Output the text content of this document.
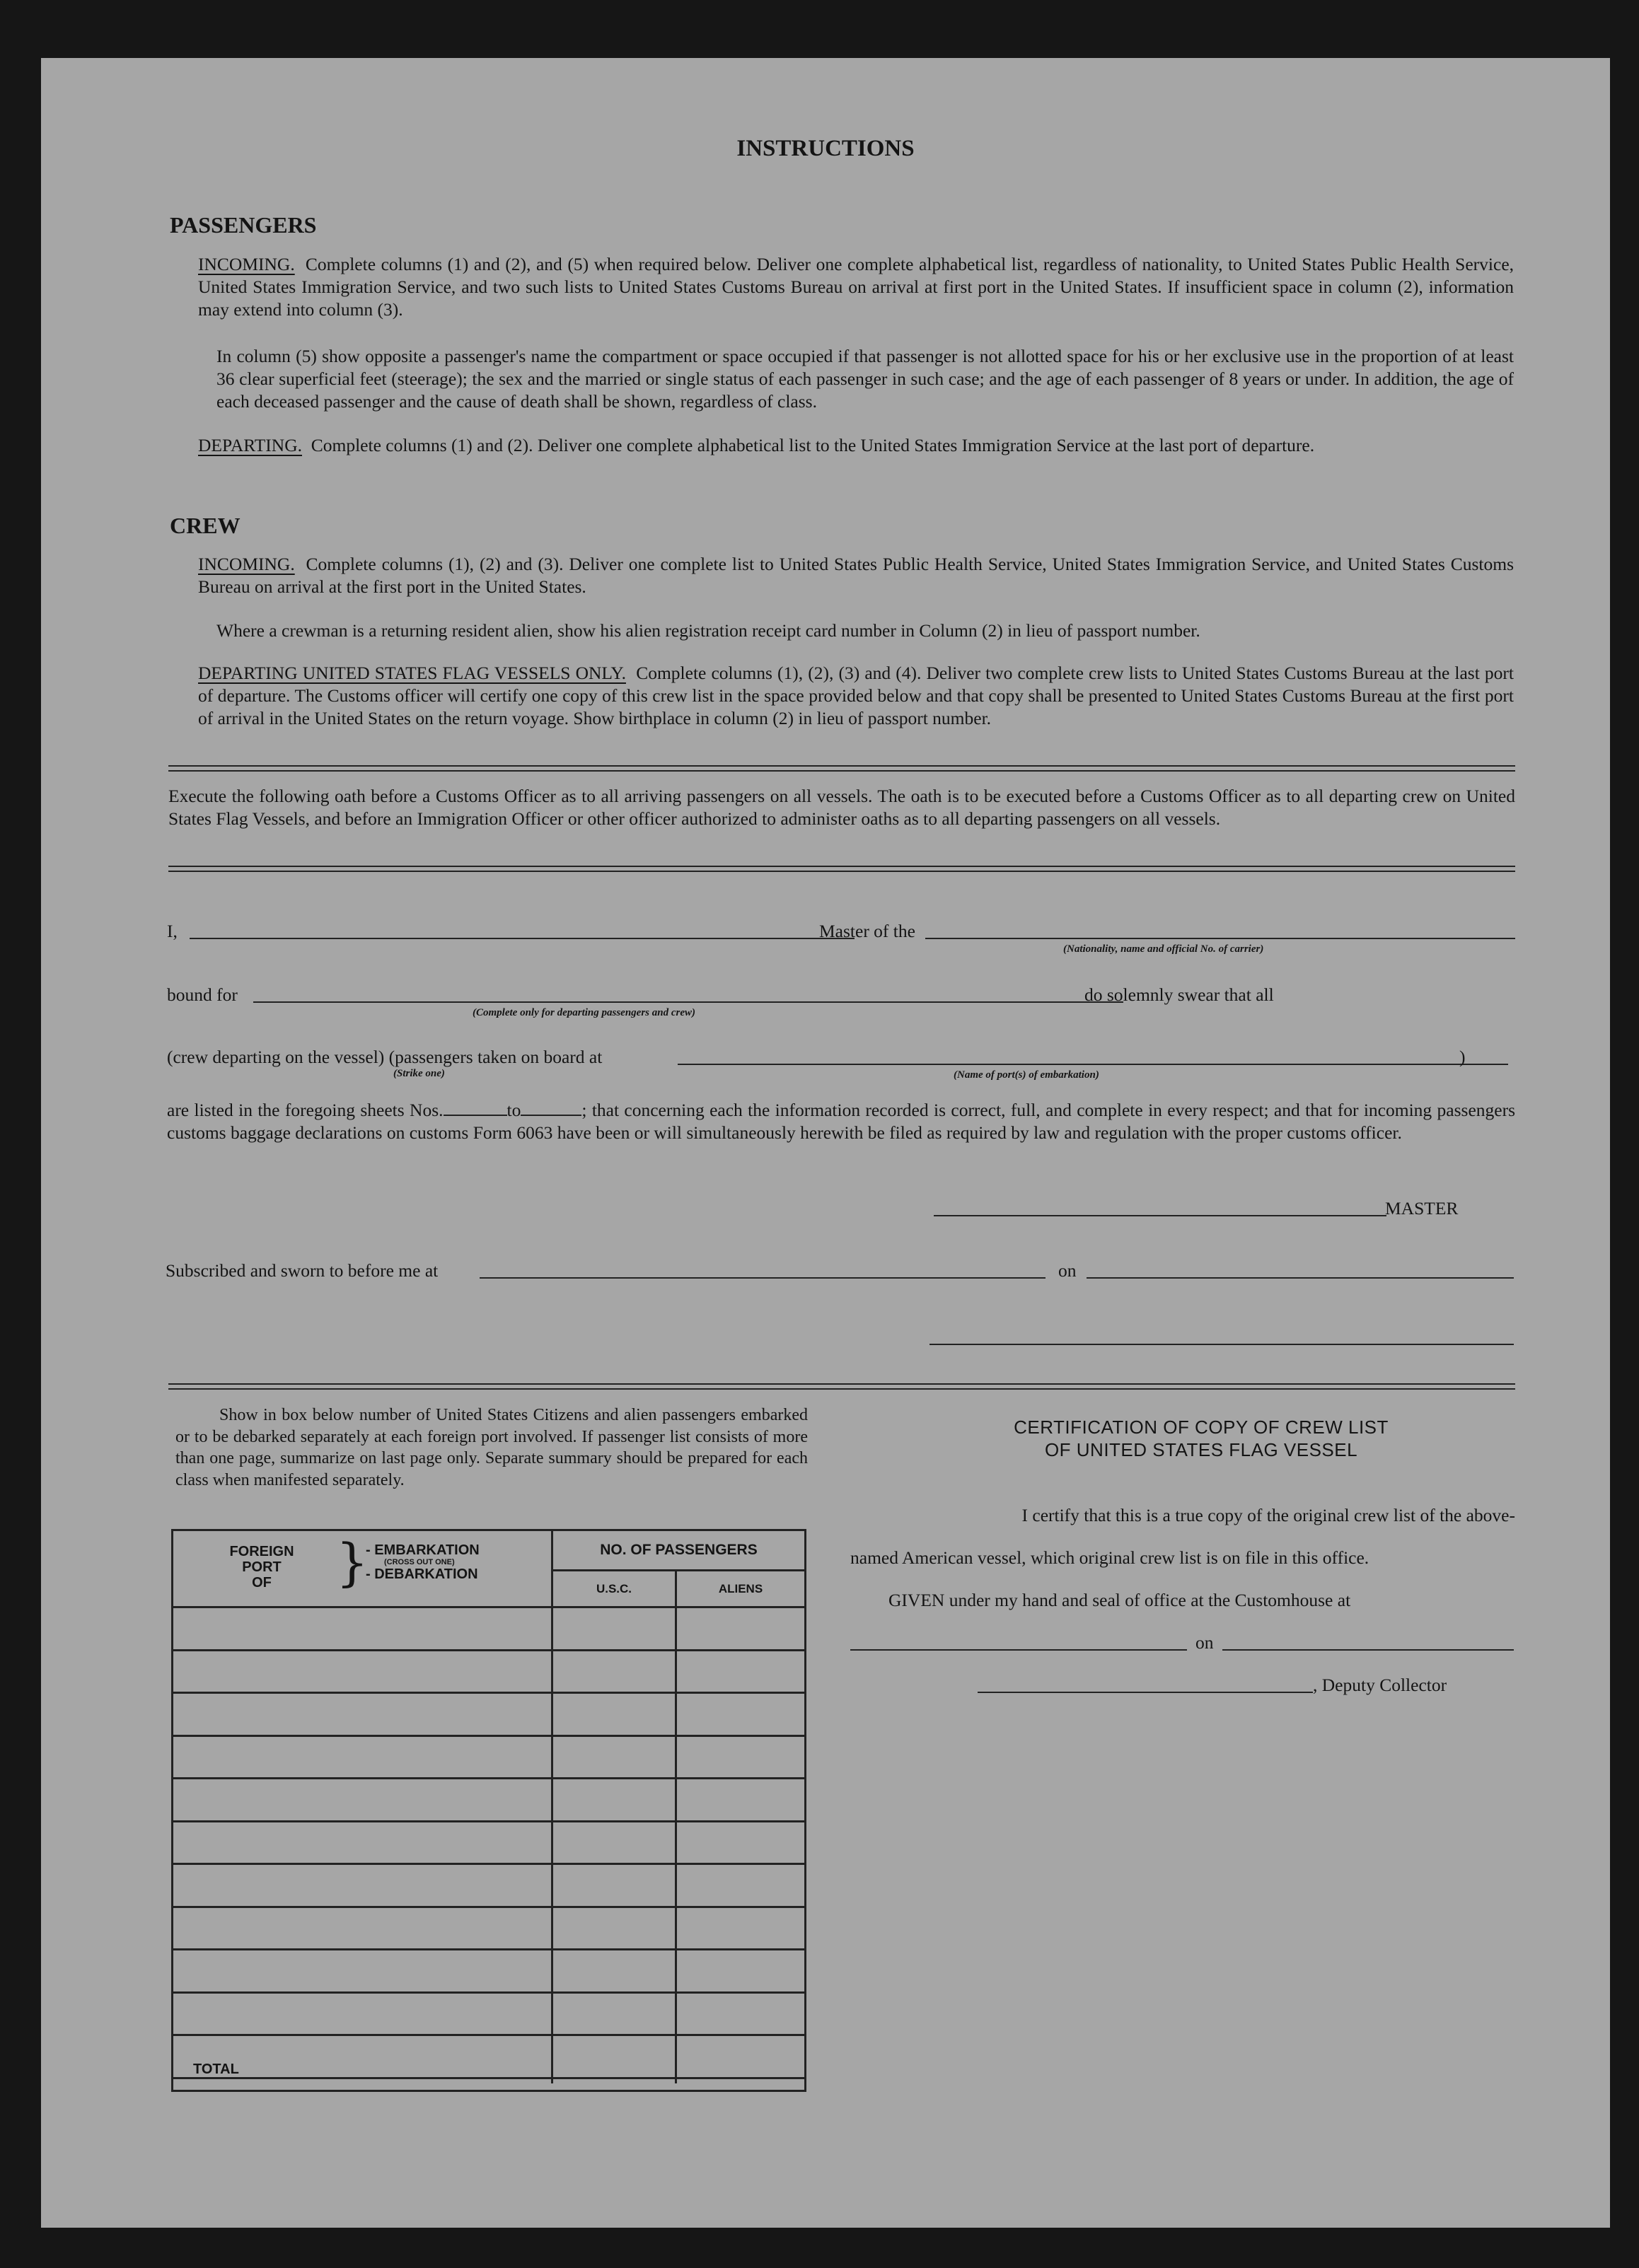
INSTRUCTIONS
PASSENGERS
INCOMING. Complete columns (1) and (2), and (5) when required below. Deliver one complete alphabetical list, regardless of nationality, to United States Public Health Service, United States Immigration Service, and two such lists to United States Customs Bureau on arrival at first port in the United States. If insufficient space in column (2), information may extend into column (3).
In column (5) show opposite a passenger's name the compartment or space occupied if that passenger is not allotted space for his or her exclusive use in the proportion of at least 36 clear superficial feet (steerage); the sex and the married or single status of each passenger in such case; and the age of each passenger of 8 years or under. In addition, the age of each deceased passenger and the cause of death shall be shown, regardless of class.
DEPARTING. Complete columns (1) and (2). Deliver one complete alphabetical list to the United States Immigration Service at the last port of departure.
CREW
INCOMING. Complete columns (1), (2) and (3). Deliver one complete list to United States Public Health Service, United States Immigration Service, and United States Customs Bureau on arrival at the first port in the United States.
Where a crewman is a returning resident alien, show his alien registration receipt card number in Column (2) in lieu of passport number.
DEPARTING UNITED STATES FLAG VESSELS ONLY. Complete columns (1), (2), (3) and (4). Deliver two complete crew lists to United States Customs Bureau at the last port of departure. The Customs officer will certify one copy of this crew list in the space provided below and that copy shall be presented to United States Customs Bureau at the first port of arrival in the United States on the return voyage. Show birthplace in column (2) in lieu of passport number.
Execute the following oath before a Customs Officer as to all arriving passengers on all vessels. The oath is to be executed before a Customs Officer as to all departing crew on United States Flag Vessels, and before an Immigration Officer or other officer authorized to administer oaths as to all departing passengers on all vessels.
I,	Master of the
(Nationality, name and official No. of carrier)
bound for
(Complete only for departing passengers and crew)
do solemnly swear that all
(crew departing on the vessel) (passengers taken on board at
(Strike one)	(Name of port(s) of embarkation)
)
are listed in the foregoing sheets Nos.	to	; that concerning each the information recorded is correct, full, and complete in every respect; and that for incoming passengers customs baggage declarations on customs Form 6063 have been or will simultaneously herewith be filed as required by law and regulation with the proper customs officer.
MASTER
Subscribed and sworn to before me at	on
Show in box below number of United States Citizens and alien passengers embarked or to be debarked separately at each foreign port involved. If passenger list consists of more than one page, summarize on last page only. Separate summary should be prepared for each class when manifested separately.
FOREIGN
PORT
OF	}
- EMBARKATION
(CROSS OUT ONE)
- DEBARKATION
NO. OF PASSENGERS
U.S.C.	ALIENS
TOTAL
CERTIFICATION OF COPY OF CREW LIST
OF UNITED STATES FLAG VESSEL
I certify that this is a true copy of the original crew list of the above-
named American vessel, which original crew list is on file in this office.
GIVEN under my hand and seal of office at the Customhouse at
on
, Deputy Collector
